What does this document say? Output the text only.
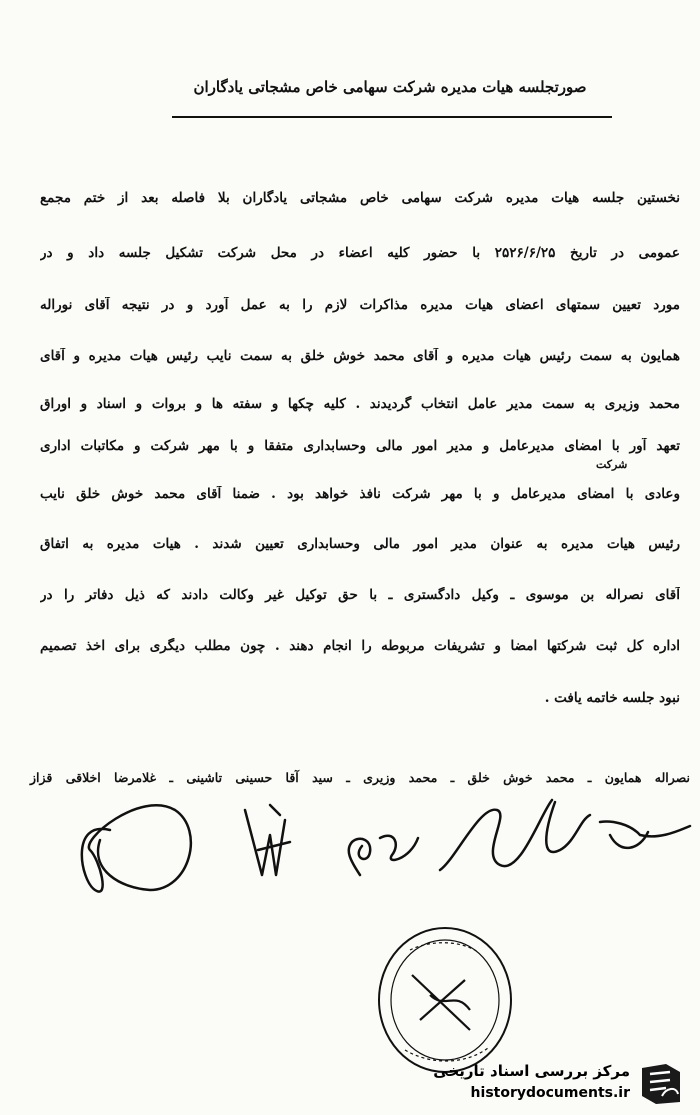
صورتجلسه هیات مدیره شرکت سهامی خاص مشجاتی یادگاران
نخستین جلسه هیات مدیره شرکت سهامی خاص مشجاتی یادگاران بلا فاصله بعد از ختم مجمع
عمومی در تاریخ ۲۵۲۶/۶/۲۵ با حضور کلیه اعضاء در محل شرکت تشکیل جلسه داد و در
مورد تعیین سمتهای اعضای هیات مدیره مذاکرات لازم را به عمل آورد و در نتیجه آقای نوراله
همایون به سمت رئیس هیات مدیره و آقای محمد خوش خلق به سمت نایب رئیس هیات مدیره و آقای
محمد وزیری به سمت مدیر عامل انتخاب گردیدند . کلیه چکها و سفته ها و بروات و اسناد و اوراق
تعهد آور با امضای مدیرعامل و مدیر امور مالی وحسابداری متفقا و با مهر شرکت و مکاتبات اداری
وعادی با امضای مدیرعامل و با مهر شرکت نافذ خواهد بود . ضمنا آقای محمد خوش خلق نایب
رئیس هیات مدیره به عنوان مدیر امور مالی وحسابداری تعیین شدند . هیات مدیره به اتفاق
آقای نصراله بن موسوی ـ وکیل دادگستری ـ با حق توکیل غیر وکالت دادند که ذیل دفاتر را در
اداره کل ثبت شرکتها امضا و تشریفات مربوطه را انجام دهند . چون مطلب دیگری برای اخذ تصمیم
نبود جلسه خاتمه یافت .
شرکت
نصراله همایون ـ محمد خوش خلق ـ محمد وزیری ـ سید آقا حسینی تاشینی ـ غلامرضا اخلاقی قزاز
مرکز بررسی اسناد تاریخی
historydocuments.ir
